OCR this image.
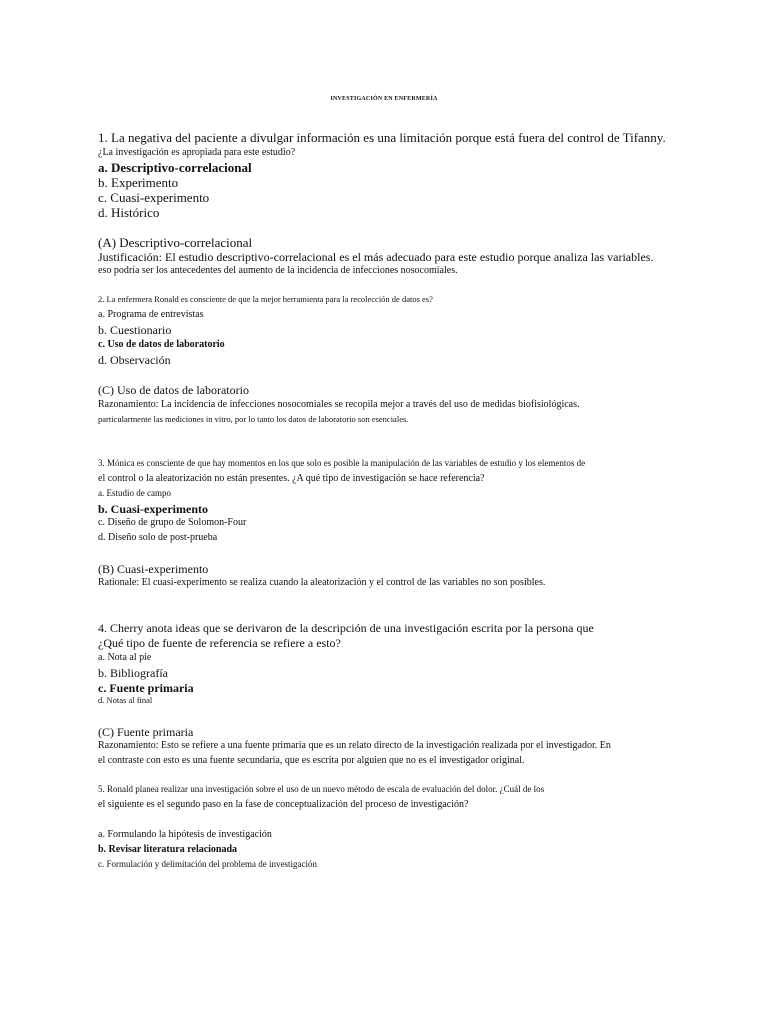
INVESTIGACIÓN EN ENFERMERÍA
1. La negativa del paciente a divulgar información es una limitación porque está fuera del control de Tifanny.
¿La investigación es apropiada para este estudio?
a. Descriptivo-correlacional
b. Experimento
c. Cuasi-experimento
d. Histórico
(A) Descriptivo-correlacional
Justificación: El estudio descriptivo-correlacional es el más adecuado para este estudio porque analiza las variables.
eso podría ser los antecedentes del aumento de la incidencia de infecciones nosocomiales.
2. La enfermera Ronald es consciente de que la mejor herramienta para la recolección de datos es?
a. Programa de entrevistas
b. Cuestionario
c. Uso de datos de laboratorio
d. Observación
(C) Uso de datos de laboratorio
Razonamiento: La incidencia de infecciones nosocomiales se recopila mejor a través del uso de medidas biofisiológicas.
particularmente las mediciones in vitro, por lo tanto los datos de laboratorio son esenciales.
3. Mónica es consciente de que hay momentos en los que solo es posible la manipulación de las variables de estudio y los elementos de
el control o la aleatorización no están presentes. ¿A qué tipo de investigación se hace referencia?
a. Estudio de campo
b. Cuasi-experimento
c. Diseño de grupo de Solomon-Four
d. Diseño solo de post-prueba
(B) Cuasi-experimento
Rationale: El cuasi-experimento se realiza cuando la aleatorización y el control de las variables no son posibles.
4. Cherry anota ideas que se derivaron de la descripción de una investigación escrita por la persona que
¿Qué tipo de fuente de referencia se refiere a esto?
a. Nota al pie
b. Bibliografía
c. Fuente primaria
d. Notas al final
(C) Fuente primaria
Razonamiento: Esto se refiere a una fuente primaria que es un relato directo de la investigación realizada por el investigador. En
el contraste con esto es una fuente secundaria, que es escrita por alguien que no es el investigador original.
5. Ronald planea realizar una investigación sobre el uso de un nuevo método de escala de evaluación del dolor. ¿Cuál de los
el siguiente es el segundo paso en la fase de conceptualización del proceso de investigación?
a. Formulando la hipótesis de investigación
b. Revisar literatura relacionada
c. Formulación y delimitación del problema de investigación
